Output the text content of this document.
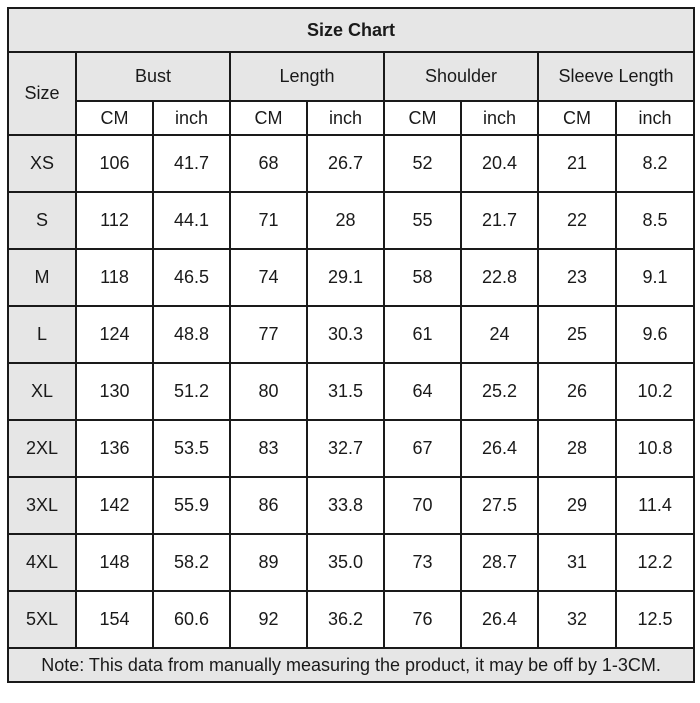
Size Chart								
Size	Bust		Length		Shoulder		Sleeve Length	
	CM	inch	CM	inch	CM	inch	CM	inch
XS	106	41.7	68	26.7	52	20.4	21	8.2
S	112	44.1	71	28	55	21.7	22	8.5
M	118	46.5	74	29.1	58	22.8	23	9.1
L	124	48.8	77	30.3	61	24	25	9.6
XL	130	51.2	80	31.5	64	25.2	26	10.2
2XL	136	53.5	83	32.7	67	26.4	28	10.8
3XL	142	55.9	86	33.8	70	27.5	29	11.4
4XL	148	58.2	89	35.0	73	28.7	31	12.2
5XL	154	60.6	92	36.2	76	26.4	32	12.5
Note: This data from manually measuring the product, it may be off by 1-3CM.								
